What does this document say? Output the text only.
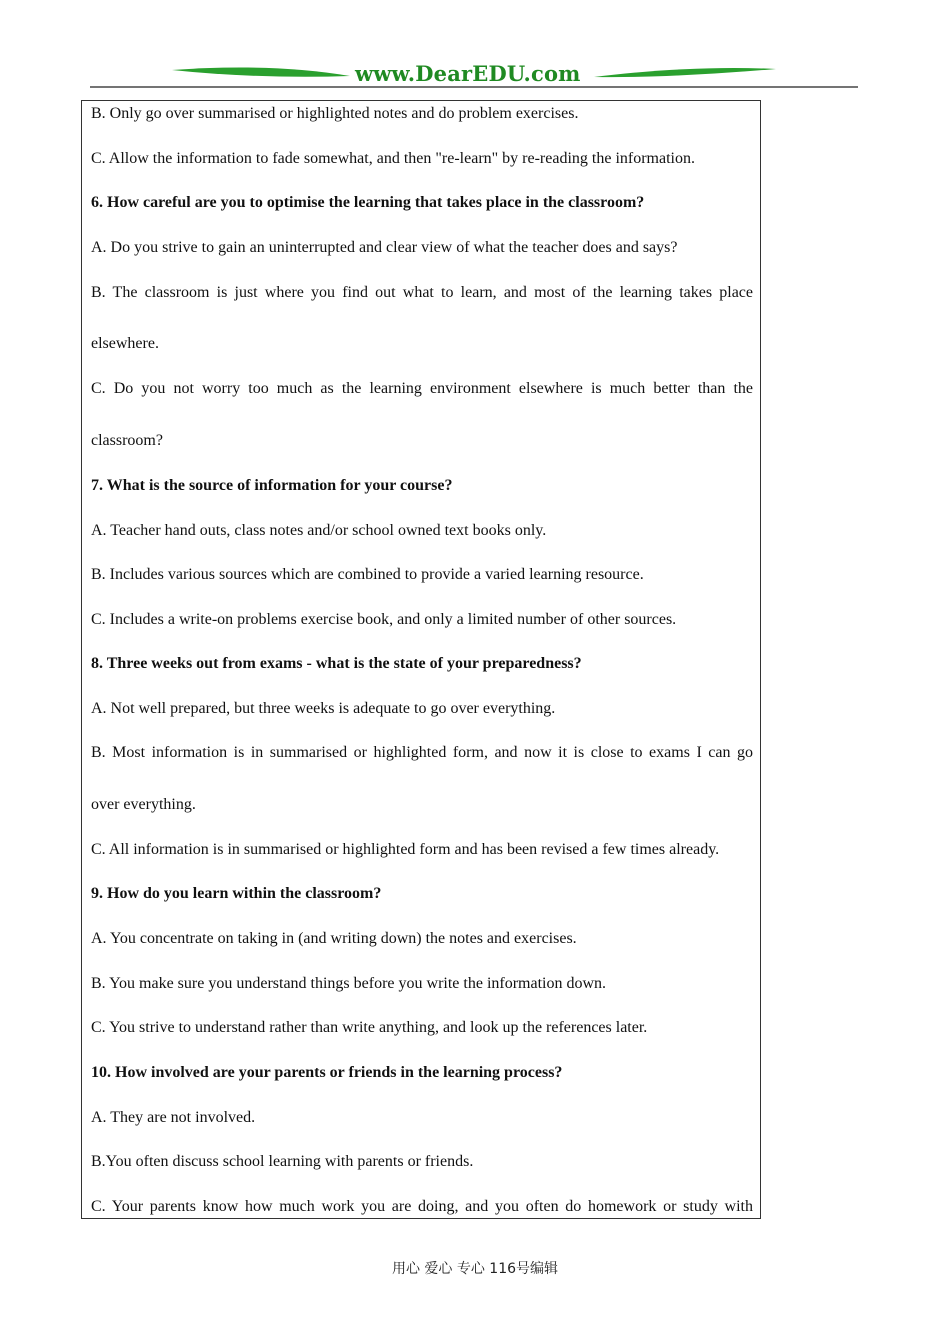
www.DearEDU.com
B. Only go over summarised or highlighted notes and do problem exercises.
C. Allow the information to fade somewhat, and then "re-learn" by re-reading the information.
6. How careful are you to optimise the learning that takes place in the classroom?
A. Do you strive to gain an uninterrupted and clear view of what the teacher does and says?
B. The classroom is just where you find out what to learn, and most of the learning takes place
elsewhere.
C. Do you not worry too much as the learning environment elsewhere is much better than the
classroom?
7. What is the source of information for your course?
A. Teacher hand outs, class notes and/or school owned text books only.
B. Includes various sources which are combined to provide a varied learning resource.
C. Includes a write-on problems exercise book, and only a limited number of other sources.
8. Three weeks out from exams - what is the state of your preparedness?
A. Not well prepared, but three weeks is adequate to go over everything.
B. Most information is in summarised or highlighted form, and now it is close to exams I can go
over everything.
C. All information is in summarised or highlighted form and has been revised a few times already.
9. How do you learn within the classroom?
A. You concentrate on taking in (and writing down) the notes and exercises.
B. You make sure you understand things before you write the information down.
C. You strive to understand rather than write anything, and look up the references later.
10. How involved are your parents or friends in the learning process?
A. They are not involved.
B.You often discuss school learning with parents or friends.
C. Your parents know how much work you are doing, and you often do homework or study with
用心 爱心 专心 116号编辑
